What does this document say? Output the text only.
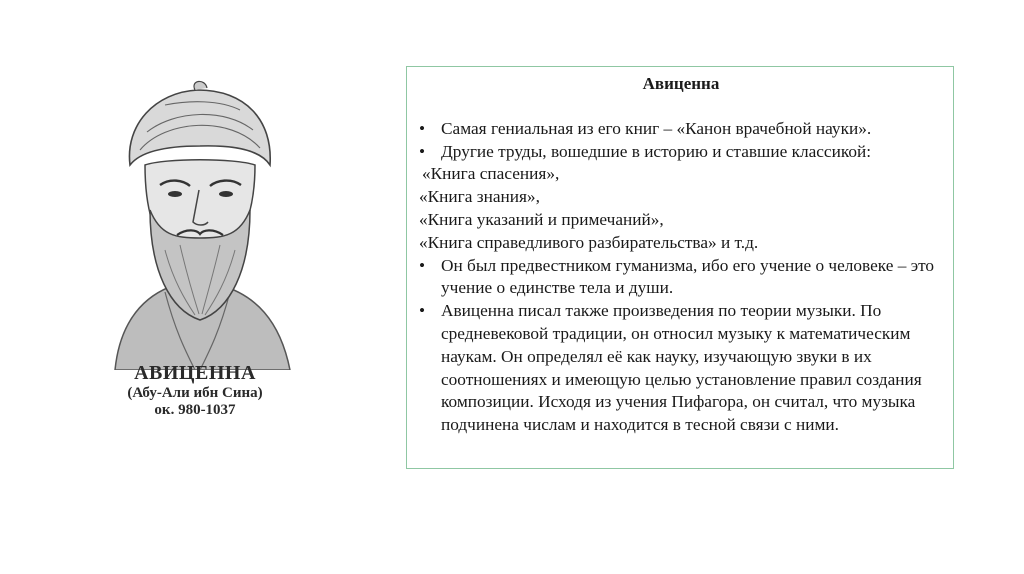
АВИЦЕННА
(Абу-Али ибн Сина)
ок. 980-1037
Авиценна
• Самая гениальная из его книг – «Канон врачебной науки».
• Другие труды, вошедшие в историю и ставшие классикой:
«Книга спасения»,
«Книга знания»,
«Книга указаний и примечаний»,
«Книга справедливого разбирательства» и т.д.
• Он был предвестником гуманизма, ибо его учение о человеке – это учение о единстве тела и души.
• Авиценна писал также произведения по теории музыки. По средневековой традиции, он относил музыку к математическим наукам. Он определял её как науку, изучающую звуки в их соотношениях и имеющую целью установление правил создания композиции. Исходя из учения Пифагора, он считал, что музыка подчинена числам и находится в тесной связи с ними.
